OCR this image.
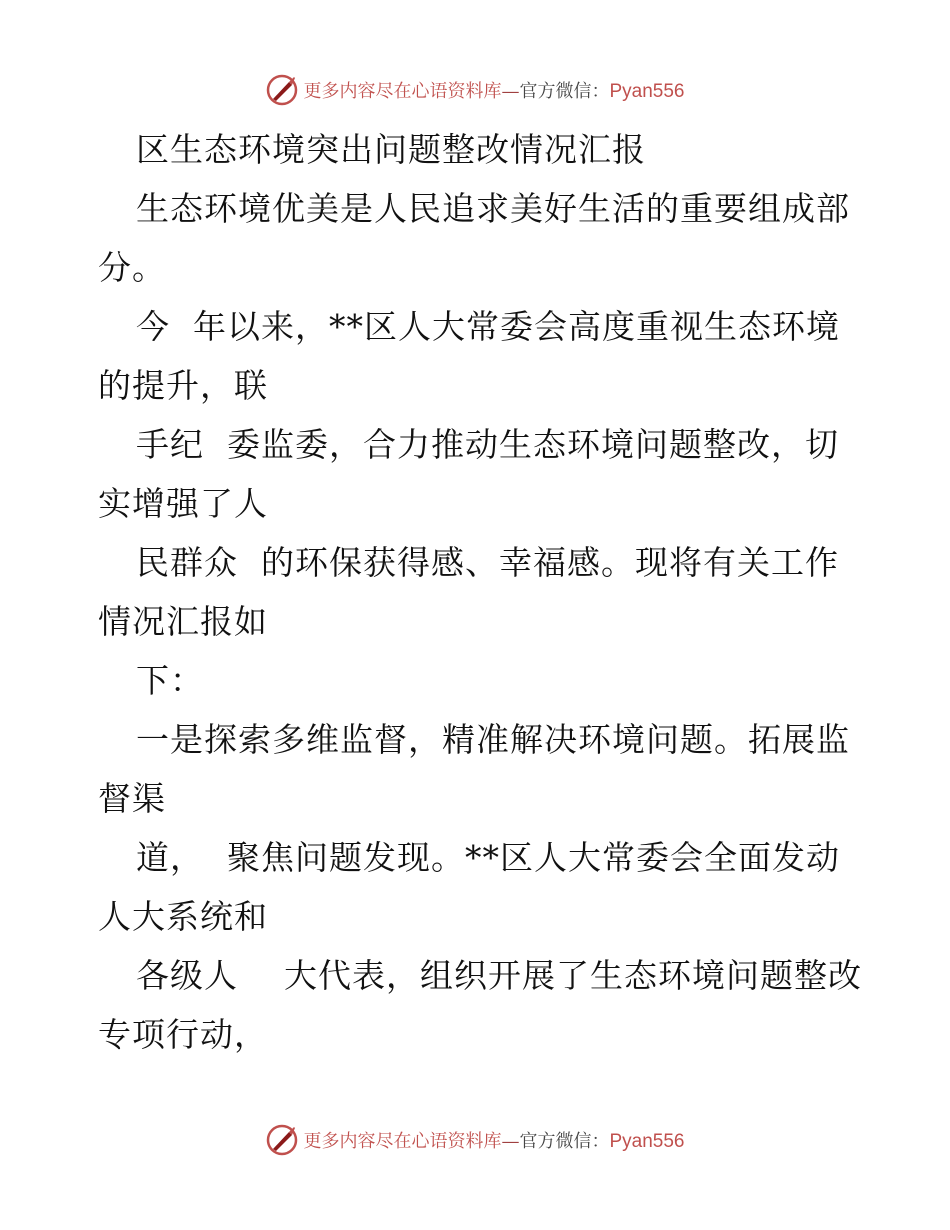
更多内容尽在心语资料库—官方微信：Pyan556

区生态环境突出问题整改情况汇报

生态环境优美是人民追求美好生活的重要组成部

分。

今  年以来，**区人大常委会高度重视生态环境

的提升，联

手纪  委监委，合力推动生态环境问题整改，切

实增强了人

民群众  的环保获得感、幸福感。现将有关工作

情况汇报如

下：

一是探索多维监督，精准解决环境问题。拓展监

督渠

道，  聚焦问题发现。**区人大常委会全面发动

人大系统和

各级人    大代表，组织开展了生态环境问题整改

专项行动，

更多内容尽在心语资料库—官方微信：Pyan556
